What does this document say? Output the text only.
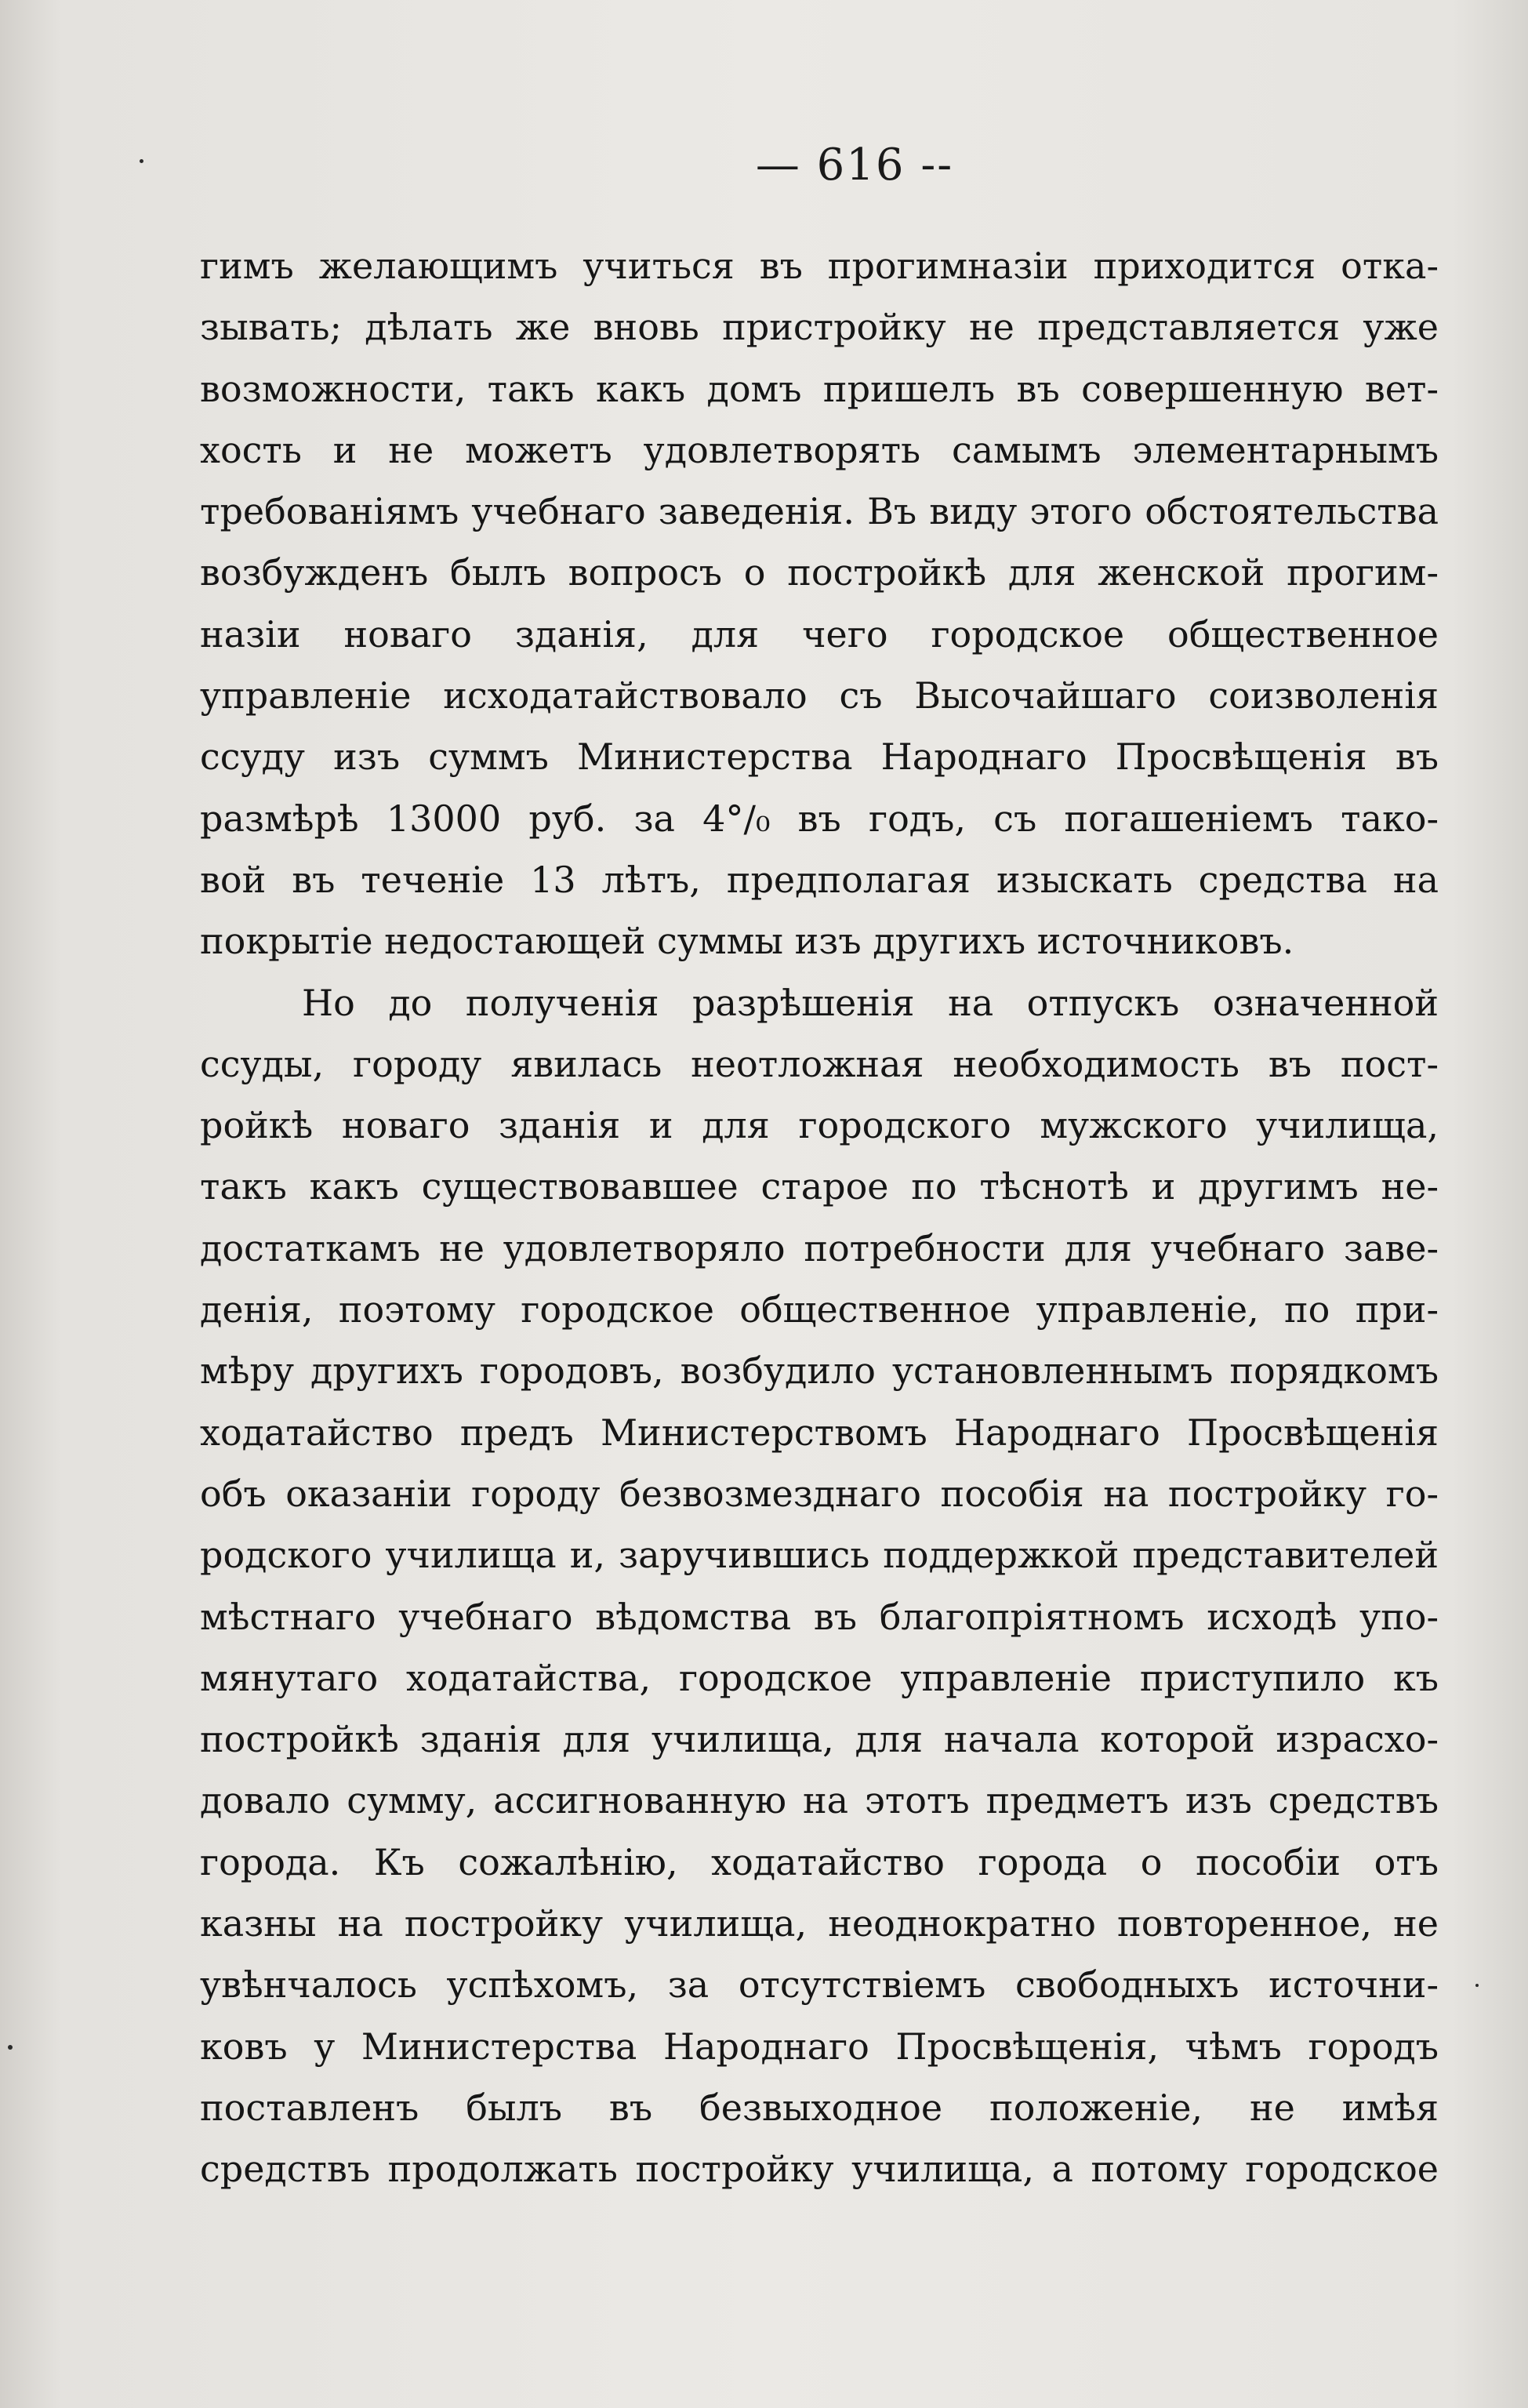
— 616 --
гимъ желающимъ учиться въ прогимназіи приходится отка-
зывать; дѣлать же вновь пристройку не представляется уже
возможности, такъ какъ домъ пришелъ въ совершенную вет-
хость и не можетъ удовлетворять самымъ элементарнымъ
требованіямъ учебнаго заведенія. Въ виду этого обстоятельства
возбужденъ былъ вопросъ о постройкѣ для женской прогим-
назіи новаго зданія, для чего городское общественное
управленіе исходатайствовало съ Высочайшаго соизволенія
ссуду изъ суммъ Министерства Народнаго Просвѣщенія въ
размѣрѣ 13000 руб. за 4°/₀ въ годъ, съ погашеніемъ тако-
вой въ теченіе 13 лѣтъ, предполагая изыскать средства на
покрытіе недостающей суммы изъ другихъ источниковъ.
Но до полученія разрѣшенія на отпускъ означенной
ссуды, городу явилась неотложная необходимость въ пост-
ройкѣ новаго зданія и для городского мужского училища,
такъ какъ существовавшее старое по тѣснотѣ и другимъ не-
достаткамъ не удовлетворяло потребности для учебнаго заве-
денія, поэтому городское общественное управленіе, по при-
мѣру другихъ городовъ, возбудило установленнымъ порядкомъ
ходатайство предъ Министерствомъ Народнаго Просвѣщенія
объ оказаніи городу безвозмезднаго пособія на постройку го-
родского училища и, заручившись поддержкой представителей
мѣстнаго учебнаго вѣдомства въ благопріятномъ исходѣ упо-
мянутаго ходатайства, городское управленіе приступило къ
постройкѣ зданія для училища, для начала которой израсхо-
довало сумму, ассигнованную на этотъ предметъ изъ средствъ
города. Къ сожалѣнію, ходатайство города о пособіи отъ
казны на постройку училища, неоднократно повторенное, не
увѣнчалось успѣхомъ, за отсутствіемъ свободныхъ источни-
ковъ у Министерства Народнаго Просвѣщенія, чѣмъ городъ
поставленъ былъ въ безвыходное положеніе, не имѣя
средствъ продолжать постройку училища, а потому городское
